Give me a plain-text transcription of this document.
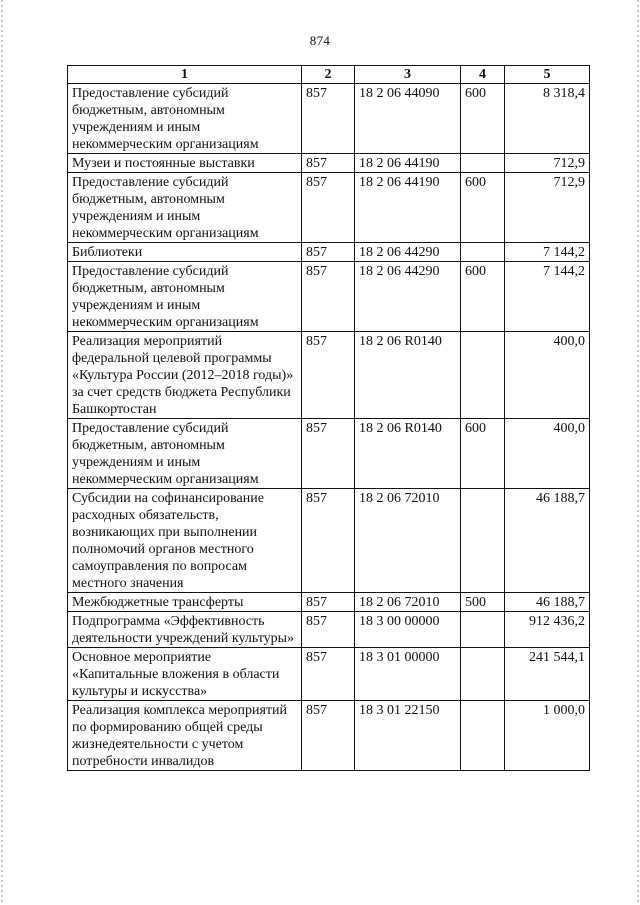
874
1	2	3	4	5
Предоставление субсидий бюджетным, автономным учреждениям и иным некоммерческим организациям	857	18 2 06 44090	600	8 318,4
Музеи и постоянные выставки	857	18 2 06 44190		712,9
Предоставление субсидий бюджетным, автономным учреждениям и иным некоммерческим организациям	857	18 2 06 44190	600	712,9
Библиотеки	857	18 2 06 44290		7 144,2
Предоставление субсидий бюджетным, автономным учреждениям и иным некоммерческим организациям	857	18 2 06 44290	600	7 144,2
Реализация мероприятий федеральной целевой программы «Культура России (2012–2018 годы)» за счет средств бюджета Республики Башкортостан	857	18 2 06 R0140		400,0
Предоставление субсидий бюджетным, автономным учреждениям и иным некоммерческим организациям	857	18 2 06 R0140	600	400,0
Субсидии на софинансирование расходных обязательств, возникающих при выполнении полномочий органов местного самоуправления по вопросам местного значения	857	18 2 06 72010		46 188,7
Межбюджетные трансферты	857	18 2 06 72010	500	46 188,7
Подпрограмма «Эффективность деятельности учреждений культуры»	857	18 3 00 00000		912 436,2
Основное мероприятие «Капитальные вложения в области культуры и искусства»	857	18 3 01 00000		241 544,1
Реализация комплекса мероприятий по формированию общей среды жизнедеятельности с учетом потребности инвалидов	857	18 3 01 22150		1 000,0
